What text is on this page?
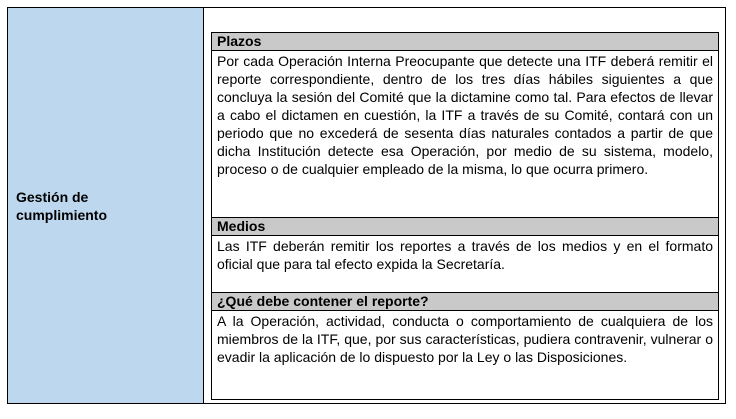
Gestión de
cumplimiento
Plazos
Por cada Operación Interna Preocupante que detecte una ITF deberá remitir el reporte correspondiente, dentro de los tres días hábiles siguientes a que concluya la sesión del Comité que la dictamine como tal. Para efectos de llevar a cabo el dictamen en cuestión, la ITF a través de su Comité, contará con un periodo que no excederá de sesenta días naturales contados a partir de que dicha Institución detecte esa Operación, por medio de su sistema, modelo, proceso o de cualquier empleado de la misma, lo que ocurra primero.
Medios
Las ITF deberán remitir los reportes a través de los medios y en el formato oficial que para tal efecto expida la Secretaría.
¿Qué debe contener el reporte?
A la Operación, actividad, conducta o comportamiento de cualquiera de los miembros de la ITF, que, por sus características, pudiera contravenir, vulnerar o evadir la aplicación de lo dispuesto por la Ley o las Disposiciones.
